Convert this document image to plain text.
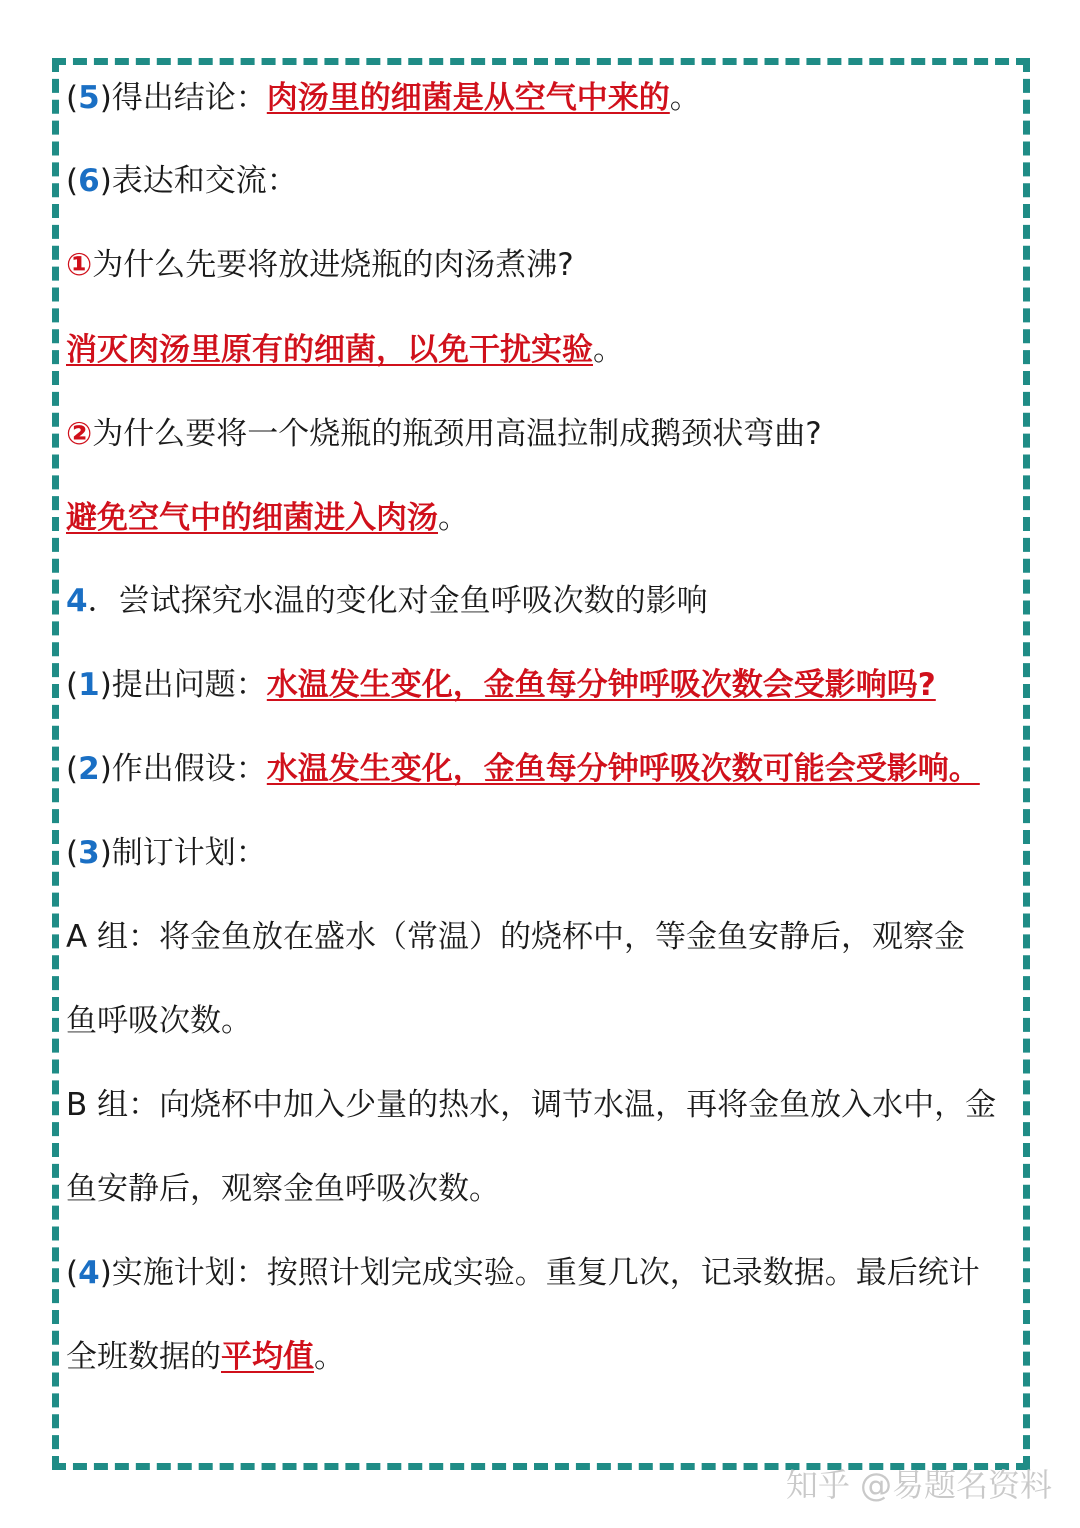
(5)得出结论：肉汤里的细菌是从空气中来的。
(6)表达和交流：
①为什么先要将放进烧瓶的肉汤煮沸?
消灭肉汤里原有的细菌，以免干扰实验。
②为什么要将一个烧瓶的瓶颈用高温拉制成鹅颈状弯曲?
避免空气中的细菌进入肉汤。
4．尝试探究水温的变化对金鱼呼吸次数的影响
(1)提出问题：水温发生变化，金鱼每分钟呼吸次数会受影响吗?
(2)作出假设：水温发生变化，金鱼每分钟呼吸次数可能会受影响。
(3)制订计划：
A 组：将金鱼放在盛水（常温）的烧杯中，等金鱼安静后，观察金
鱼呼吸次数。
B 组：向烧杯中加入少量的热水，调节水温，再将金鱼放入水中，金
鱼安静后，观察金鱼呼吸次数。
(4)实施计划：按照计划完成实验。重复几次，记录数据。最后统计
全班数据的平均值。
知乎 @易题名资料
